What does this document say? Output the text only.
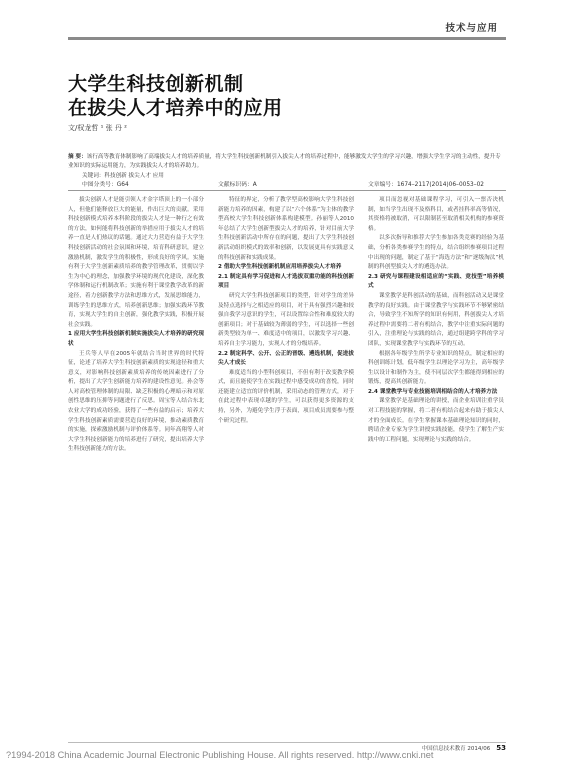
技术与应用
大学生科技创新机制
在拔尖人才培养中的应用
文/权龙哲 ¹ 张 丹 ²
摘 要：该行高等教育体制影响了高端拔尖人才的培养质量，将大学生科技创新机制引入拔尖人才的培养过程中，能够激发大学生的学习兴趣，增强大学生学习的主动性，提升专业知识的实际运用能力，为实践拔尖人才的培养助力。
关键词：科技创新 拔尖人才 应用
中图分类号：G64	文献标识码：A	文章编号：1674–2117(2014)06–0053–02

拔尖创新人才是能引领人才金字塔顶上的一小部分人，但他们能释放巨大的能量，作出巨大的贡献。采用科技创新模式培养本科阶段的拔尖人才是一种行之有效的方法，如何能将科技创新的举措应用于拔尖人才的培养一直是人们热议的话题。通过大力营造有益于大学生科技创新活动的社会氛围和环境，培育科研意识，建立激励机制，激发学生的积极性，形成良好的学风。实施有利于大学生创新素质培养的教学管理改革，贯彻以学生为中心的理念，加强教学环境的现代化建设，深化教学体制和运行机制改革；实施有利于课堂教学改革的新途径，着力创新教学方法和思维方式，发展思维能力，训练学生的思维方式，培养创新思维；加强实践环节教育，实现大学生的自主创新，强化教学实践，积极开展社会实践。

1 应用大学生科技创新机制实施拔尖人才培养的研究现状

王兵等人早在2005年就结合当时世界的时代特征，论述了培养大学生科技创新素质的实现途径和重大意义，对影响科技创新素质培养的传统因素进行了分析，提出了大学生创新能力培养的建设性意见。孙会等人对高校管理体制的局限、缺乏积极的心理暗示和对原创性思维的压抑等问题进行了反思。周宝等人结合东北农业大学的成功经验，获得了一些有益的启示；培养大学生科技创新素质需要营造良好的环境，推动素质教育的实施，探索激励机制与评价体系等。同年高翔等人对大学生科技创新能力的培养进行了研究，提出培养大学生科技创新能力的方法。

特征的界定，分析了教学型高校影响大学生科技创新能力培养的因素，构建了以“六个体系”为主体的教学型高校大学生科技创新体系构建模型。孙丽等人2010年总结了大学生创新型拔尖人才的培养，针对目前大学生科技创新活动中所存在的问题，提出了大学生科技创新活动组织模式的效率和创新，以发展更具有实践意义的科技创新和实践成果。

2 借助大学生科技创新机制应用培养拔尖人才培养

2.1 制定具有学习促进和人才选拔双重功能的科技创新项目

研究大学生科技创新项目的类型，针对学生的差异及特点选择与之相适应的项目，对于具有强烈兴趣和较强自我学习意识的学生，可以设置综合性和难度较大的创新项目；对于基础较为薄弱的学生，可以选择一些创新类型较为单一、难度适中的项目，以激发学习兴趣、培养自主学习能力，实现人才的分级培养。

2.2 制定科学、公开、公正的晋级、遴选机制，促进拔尖人才成长

难度适当的小型科创项目，不但有利于改变教学模式，而且能使学生在实践过程中感受成功的喜悦，同时还能建立适宜的评价机制，采用动态的管理方式，对于在此过程中表现卓越的学生，可以获得更多资源的支持，另外，为避免学生浮于表面，项目成员需要参与整个研究过程。

项目而忽视对基础课程学习，可引入一票否决机制，如当学生出现不及格科目，或者挂科率高等情况，其资格将被取消，可以限制甚至取消相关机构的参赛资格。

以多次指导和推荐大学生参加各类竞赛的经验为基础，分析各类参赛学生的特点，结合组织参赛项目过程中出现的问题，制定了基于“海选方法”和“逐级淘汰”机制的科创型拔尖人才的遴选办法。

2.3 研究与课程建设相适应的“实践、竞技型”培养模式

课堂教学是科创活动的基础，而科创活动又是课堂教学的良好实践。由于课堂教学与实践环节不够紧密结合，导致学生不知所学的知识有何用，科创拔尖人才培养过程中需要将二者有机结合，教学中注重实际问题的引入，注重理论与实践的结合，通过组建跨学科的学习团队，实现课堂教学与实践环节的互动。

根据各年级学生所学专业知识的特点，制定相应的科创训练计划，低年级学生以理论学习为主，高年级学生以设计和制作为主，使不同层次学生都能得到相应的锻炼，提高其创新能力。

2.4 课堂教学与专业技能培训相结合的人才培养方法

课堂教学是基础理论的讲授，而企业培训注重学员对工程技能的掌握，将二者有机结合起来有助于拔尖人才的全面成长。在学生掌握课本基础理论知识的同时，聘请企业专家为学生讲授实践技能，使学生了解生产实践中的工程问题，实现理论与实践的结合。

中国信息技术教育 2014/06 53
?1994-2018 China Academic Journal Electronic Publishing House. All rights reserved. http://www.cnki.net
